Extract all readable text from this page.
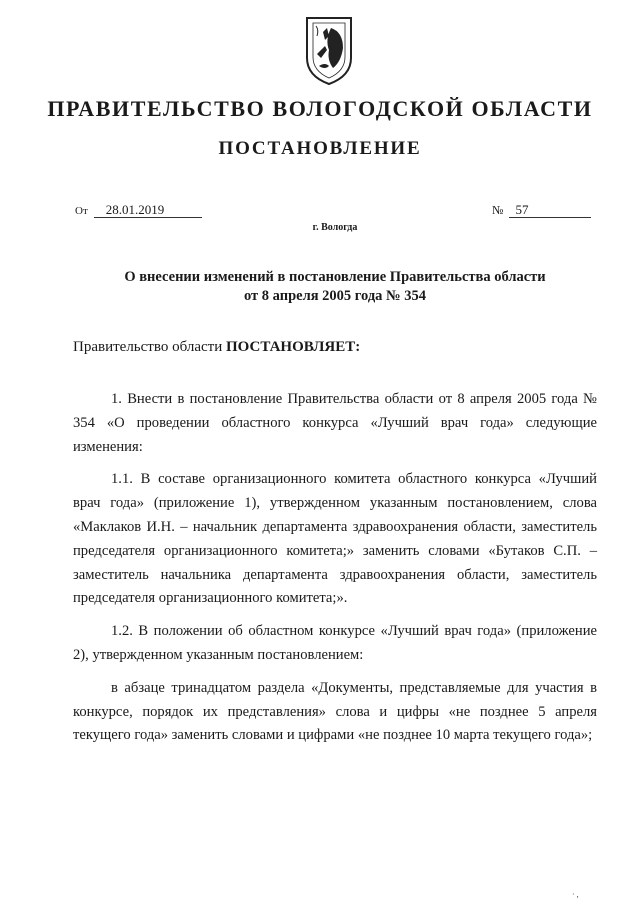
ПРАВИТЕЛЬСТВО ВОЛОГОДСКОЙ ОБЛАСТИ
ПОСТАНОВЛЕНИЕ
От 28.01.2019	№ 57
г. Вологда
О внесении изменений в постановление Правительства области
от 8 апреля 2005 года № 354
Правительство области ПОСТАНОВЛЯЕТ:

1. Внести в постановление Правительства области от 8 апреля 2005 года № 354 «О проведении областного конкурса «Лучший врач года» следующие изменения:

1.1. В составе организационного комитета областного конкурса «Лучший врач года» (приложение 1), утвержденном указанным постановлением, слова «Маклаков И.Н. – начальник департамента здравоохранения области, заместитель председателя организационного комитета;» заменить словами «Бутаков С.П. – заместитель начальника департамента здравоохранения области, заместитель председателя организационного комитета;».

1.2. В положении об областном конкурсе «Лучший врач года» (приложение 2), утвержденном указанным постановлением:

в абзаце тринадцатом раздела «Документы, представляемые для участия в конкурсе, порядок их представления» слова и цифры «не позднее 5 апреля текущего года» заменить словами и цифрами «не позднее 10 марта текущего года»;

· ,
